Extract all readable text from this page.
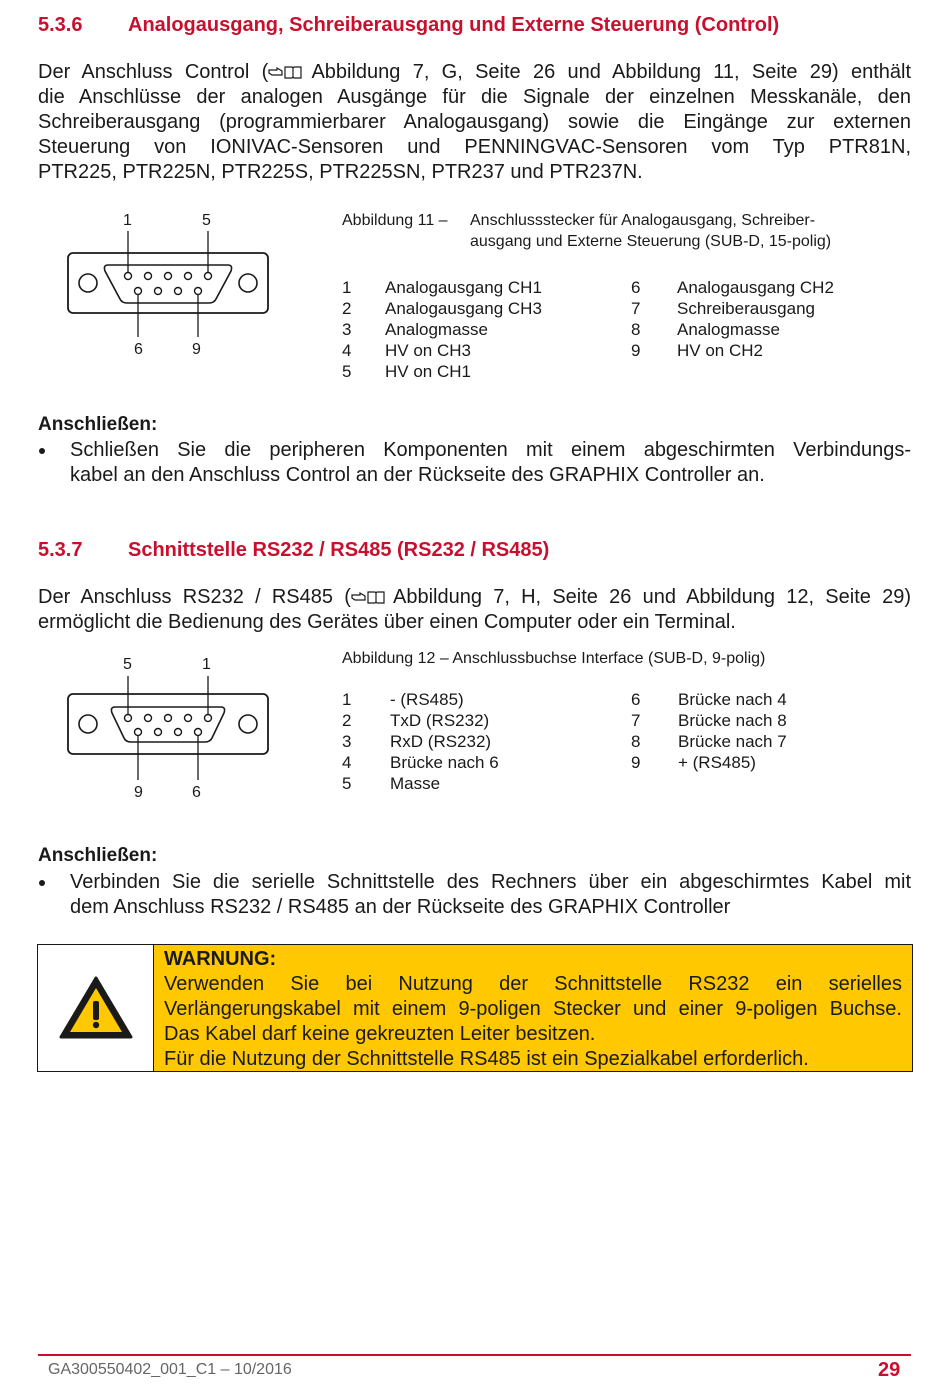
5.3.6 Analogausgang, Schreiberausgang und Externe Steuerung (Control)
Der Anschluss Control ( Abbildung 7, G, Seite 26 und Abbildung 11, Seite 29) enthält
die Anschlüsse der analogen Ausgänge für die Signale der einzelnen Messkanäle, den
Schreiberausgang (programmierbarer Analogausgang) sowie die Eingänge zur externen
Steuerung von IONIVAC-Sensoren und PENNINGVAC-Sensoren vom Typ PTR81N,
PTR225, PTR225N, PTR225S, PTR225SN, PTR237 und PTR237N.
1	5
6	9
Abbildung 11 – Anschlussstecker für Analogausgang, Schreiber-
ausgang und Externe Steuerung (SUB-D, 15-polig)
1 Analogausgang CH1
2 Analogausgang CH3
3 Analogmasse
4 HV on CH3
5 HV on CH1
6 Analogausgang CH2
7 Schreiberausgang
8 Analogmasse
9 HV on CH2
Anschließen:
Schließen Sie die peripheren Komponenten mit einem abgeschirmten Verbindungs-
kabel an den Anschluss Control an der Rückseite des GRAPHIX Controller an.
5.3.7 Schnittstelle RS232 / RS485 (RS232 / RS485)
Der Anschluss RS232 / RS485 ( Abbildung 7, H, Seite 26 und Abbildung 12, Seite 29)
ermöglicht die Bedienung des Gerätes über einen Computer oder ein Terminal.
5	1
9	6
Abbildung 12 – Anschlussbuchse Interface (SUB-D, 9-polig)
1 - (RS485)
2 TxD (RS232)
3 RxD (RS232)
4 Brücke nach 6
5 Masse
6 Brücke nach 4
7 Brücke nach 8
8 Brücke nach 7
9 + (RS485)
Anschließen:
Verbinden Sie die serielle Schnittstelle des Rechners über ein abgeschirmtes Kabel mit
dem Anschluss RS232 / RS485 an der Rückseite des GRAPHIX Controller
WARNUNG:
Verwenden Sie bei Nutzung der Schnittstelle RS232 ein serielles
Verlängerungskabel mit einem 9-poligen Stecker und einer 9-poligen Buchse.
Das Kabel darf keine gekreuzten Leiter besitzen.
Für die Nutzung der Schnittstelle RS485 ist ein Spezialkabel erforderlich.
GA300550402_001_C1 – 10/2016	29
